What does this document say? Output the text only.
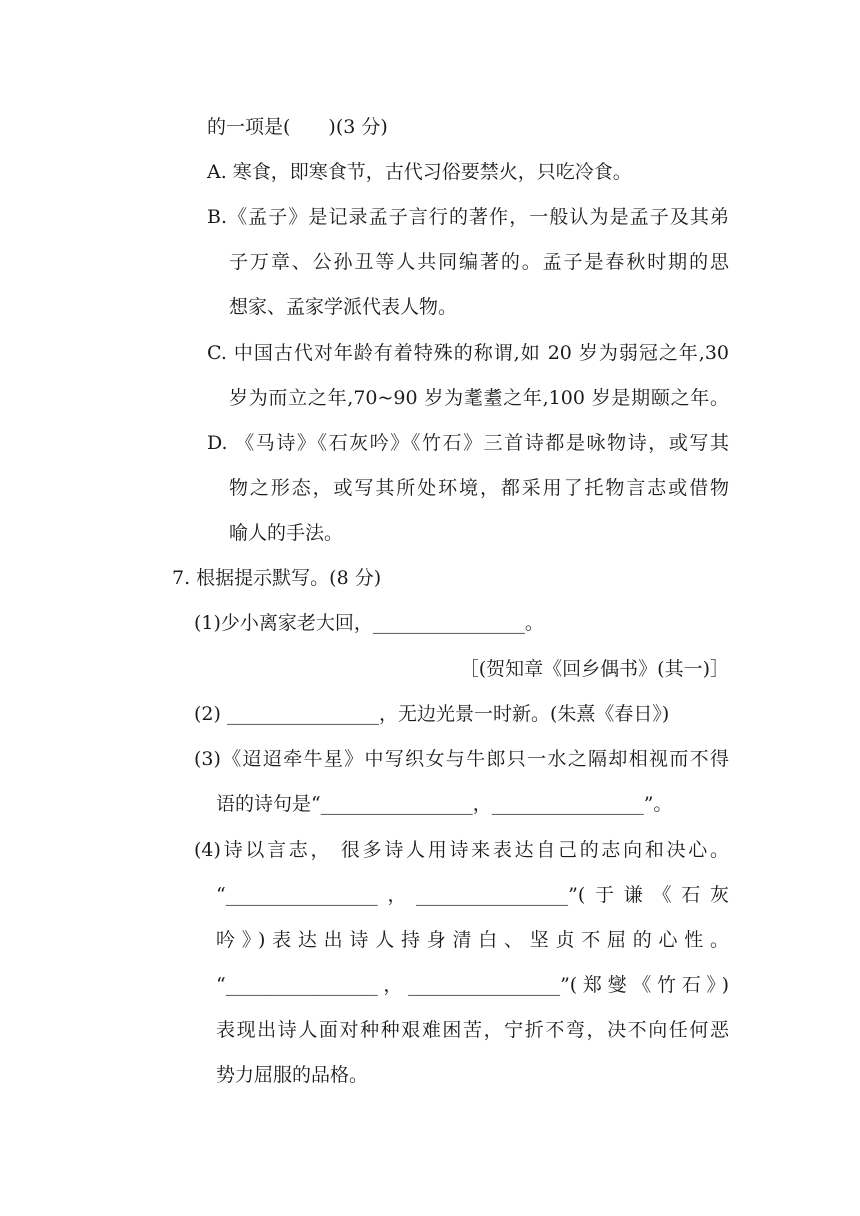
的一项是(　　)(3 分)
A. 寒食，即寒食节，古代习俗要禁火，只吃冷食。
B.《孟子》是记录孟子言行的著作，一般认为是孟子及其弟
子万章、公孙丑等人共同编著的。孟子是春秋时期的思
想家、孟家学派代表人物。
C. 中国古代对年龄有着特殊的称谓,如 20 岁为弱冠之年,30
岁为而立之年,70~90 岁为耄耋之年,100 岁是期颐之年。
D. 《马诗》《石灰吟》《竹石》三首诗都是咏物诗，或写其
物之形态，或写其所处环境，都采用了托物言志或借物
喻人的手法。
7. 根据提示默写。(8 分)
(1)少小离家老大回，________________。
［(贺知章《回乡偶书》(其一)］
(2) ________________，无边光景一时新。(朱熹《春日》)
(3)《迢迢牵牛星》中写织女与牛郎只一水之隔却相视而不得
语的诗句是“________________，________________”。
(4)诗以言志， 很多诗人用诗来表达自己的志向和决心。
“________________，________________”(于谦《石灰
吟》)表达出诗人持身清白、坚贞不屈的心性。
“________________，________________”(郑燮《竹石》)
表现出诗人面对种种艰难困苦，宁折不弯，决不向任何恶
势力屈服的品格。
